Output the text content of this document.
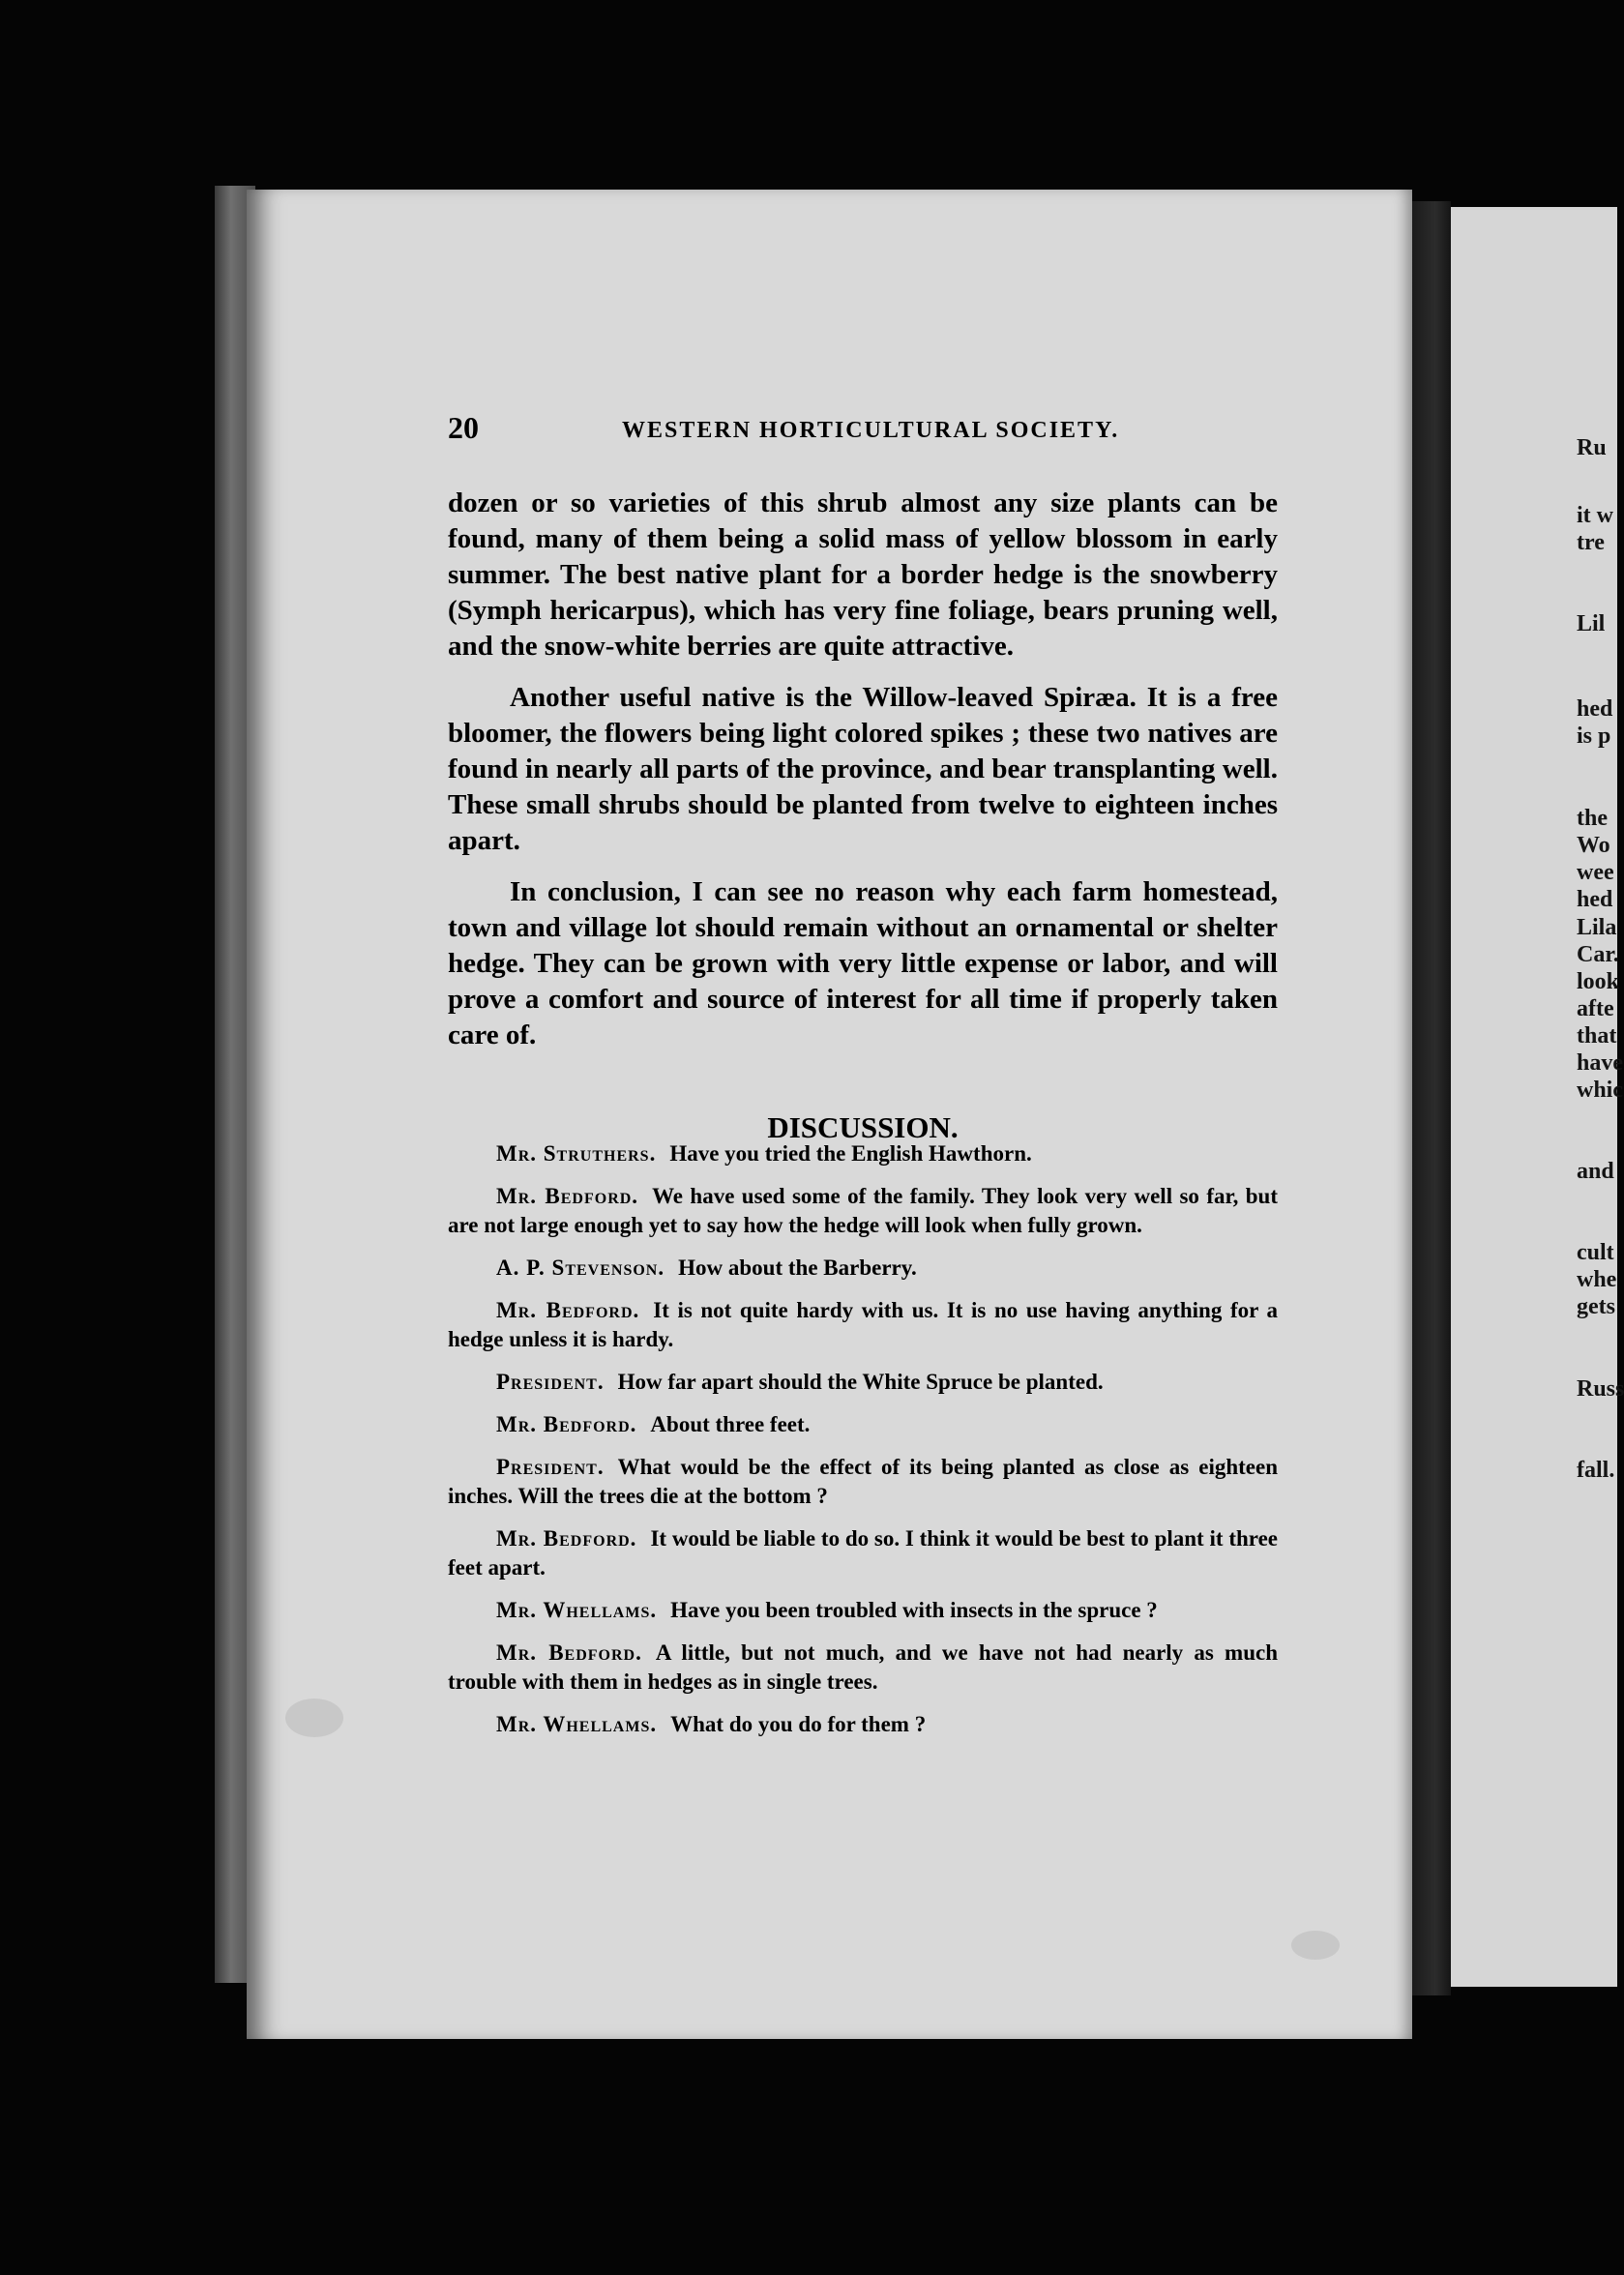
Ru
it w
tre
Lil
hed
is p
the
Wo
wee
hed
Lila
Car.
look
afte
that
have
whic
and
cult
whe
gets
Russ
fall.
20	WESTERN HORTICULTURAL SOCIETY.

dozen or so varieties of this shrub almost any size plants can be found, many of them being a solid mass of yellow blossom in early summer. The best native plant for a border hedge is the snowberry (Symph hericarpus), which has very fine foliage, bears pruning well, and the snow-white berries are quite attractive.

Another useful native is the Willow-leaved Spiræa. It is a free bloomer, the flowers being light colored spikes ; these two natives are found in nearly all parts of the province, and bear transplanting well. These small shrubs should be planted from twelve to eighteen inches apart.

In conclusion, I can see no reason why each farm homestead, town and village lot should remain without an ornamental or shelter hedge. They can be grown with very little expense or labor, and will prove a comfort and source of interest for all time if properly taken care of.

DISCUSSION.

Mr. Struthers. Have you tried the English Hawthorn.

Mr. Bedford. We have used some of the family. They look very well so far, but are not large enough yet to say how the hedge will look when fully grown.

A. P. Stevenson. How about the Barberry.

Mr. Bedford. It is not quite hardy with us. It is no use having anything for a hedge unless it is hardy.

President. How far apart should the White Spruce be planted.

Mr. Bedford. About three feet.

President. What would be the effect of its being planted as close as eighteen inches. Will the trees die at the bottom ?

Mr. Bedford. It would be liable to do so. I think it would be best to plant it three feet apart.

Mr. Whellams. Have you been troubled with insects in the spruce ?

Mr. Bedford. A little, but not much, and we have not had nearly as much trouble with them in hedges as in single trees.

Mr. Whellams. What do you do for them ?
